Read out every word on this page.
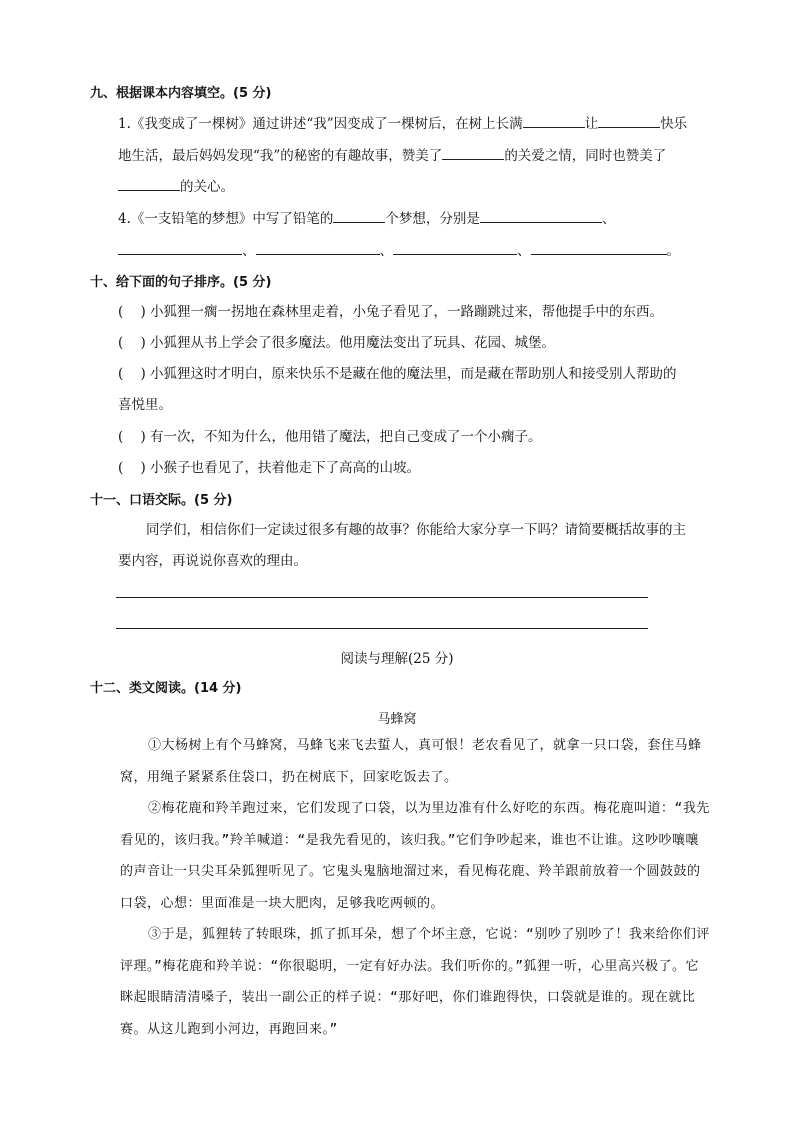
九、根据课本内容填空。(5 分)
1.《我变成了一棵树》通过讲述“我”因变成了一棵树后，在树上长满	让	快乐
地生活，最后妈妈发现“我”的秘密的有趣故事，赞美了	的关爱之情，同时也赞美了
的关心。
4.《一支铅笔的梦想》中写了铅笔的	个梦想，分别是	、
、	、	、	。
十、给下面的句子排序。(5 分)
( ) 小狐狸一瘸一拐地在森林里走着，小兔子看见了，一路蹦跳过来，帮他提手中的东西。
( ) 小狐狸从书上学会了很多魔法。他用魔法变出了玩具、花园、城堡。
( ) 小狐狸这时才明白，原来快乐不是藏在他的魔法里，而是藏在帮助别人和接受别人帮助的
喜悦里。
( ) 有一次，不知为什么，他用错了魔法，把自己变成了一个小瘸子。
( ) 小猴子也看见了，扶着他走下了高高的山坡。
十一、口语交际。(5 分)
同学们，相信你们一定读过很多有趣的故事？你能给大家分享一下吗？请简要概括故事的主
要内容，再说说你喜欢的理由。
阅读与理解(25 分)
十二、类文阅读。(14 分)
马蜂窝

①大杨树上有个马蜂窝，马蜂飞来飞去蜇人，真可恨！老农看见了，就拿一只口袋，套住马蜂窝，用绳子紧紧系住袋口，扔在树底下，回家吃饭去了。

②梅花鹿和羚羊跑过来，它们发现了口袋，以为里边准有什么好吃的东西。梅花鹿叫道：“我先看见的，该归我。”羚羊喊道：“是我先看见的，该归我。”它们争吵起来，谁也不让谁。这吵吵嚷嚷的声音让一只尖耳朵狐狸听见了。它鬼头鬼脑地溜过来，看见梅花鹿、羚羊跟前放着一个圆鼓鼓的口袋，心想：里面准是一块大肥肉，足够我吃两顿的。

③于是，狐狸转了转眼珠，抓了抓耳朵，想了个坏主意，它说：“别吵了别吵了！我来给你们评评理。”梅花鹿和羚羊说：“你很聪明，一定有好办法。我们听你的。”狐狸一听，心里高兴极了。它眯起眼睛清清嗓子，装出一副公正的样子说：“那好吧，你们谁跑得快，口袋就是谁的。现在就比赛。从这儿跑到小河边，再跑回来。”
